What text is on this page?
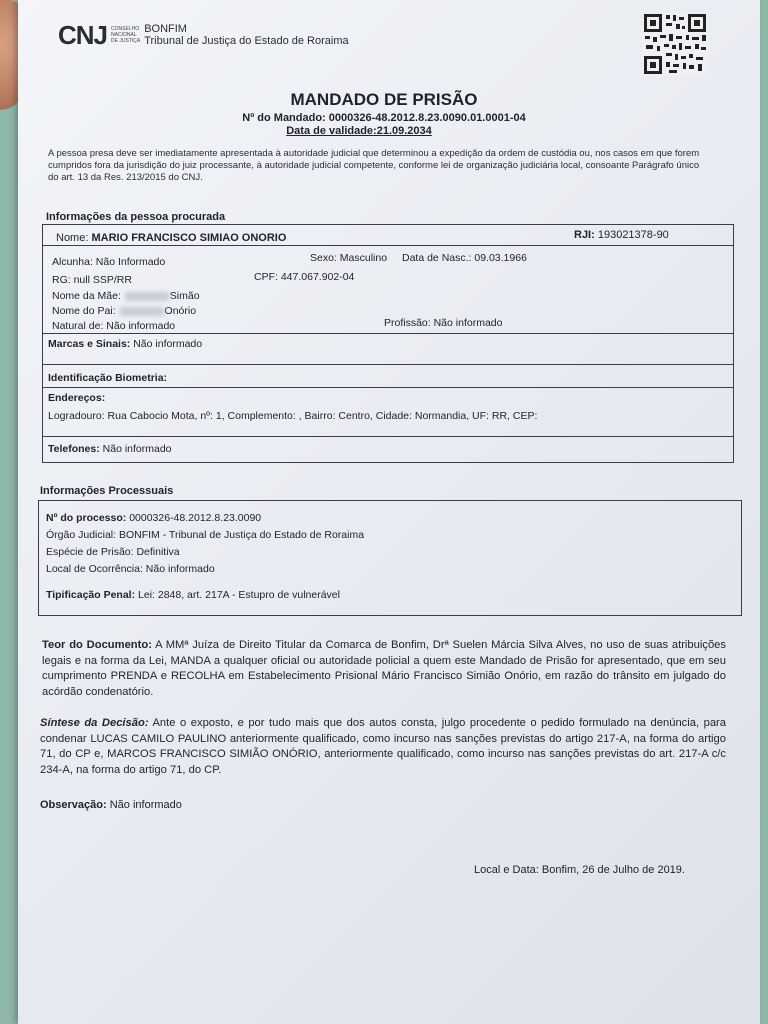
CNJ CONSELHO
NACIONAL
DE JUSTIÇA
BONFIM
Tribunal de Justiça do Estado de Roraima
MANDADO DE PRISÃO
Nº do Mandado: 0000326-48.2012.8.23.0090.01.0001-04
Data de validade:21.09.2034
A pessoa presa deve ser imediatamente apresentada à autoridade judicial que determinou a expedição da ordem de custódia ou, nos casos em que forem cumpridos fora da jurisdição do juiz processante, à autoridade judicial competente, conforme lei de organização judiciária local, consoante Parágrafo único do art. 13 da Res. 213/2015 do CNJ.
Informações da pessoa procurada
Nome: MARIO FRANCISCO SIMIAO ONORIO	RJI: 193021378-90
Alcunha: Não Informado	Sexo: Masculino Data de Nasc.: 09.03.1966
RG: null SSP/RR	CPF: 447.067.902-04
Nome da Mãe:	Simão
Nome do Pai:	Onório
Natural de: Não informado	Profissão: Não informado
Marcas e Sinais: Não informado
Identificação Biometria:
Endereços:
Logradouro: Rua Cabocio Mota, nº: 1, Complemento: , Bairro: Centro, Cidade: Normandia, UF: RR, CEP:
Telefones: Não informado
Informações Processuais
Nº do processo: 0000326-48.2012.8.23.0090
Órgão Judicial: BONFIM - Tribunal de Justiça do Estado de Roraima
Espécie de Prisão: Definitiva
Local de Ocorrência: Não informado
Tipificação Penal: Lei: 2848, art. 217A - Estupro de vulnerável
Teor do Documento: A MMª Juíza de Direito Titular da Comarca de Bonfim, Drª Suelen Márcia Silva Alves, no uso de suas atribuições legais e na forma da Lei, MANDA a qualquer oficial ou autoridade policial a quem este Mandado de Prisão for apresentado, que em seu cumprimento PRENDA e RECOLHA em Estabelecimento Prisional Mário Francisco Simião Onório, em razão do trânsito em julgado do acórdão condenatório.
Síntese da Decisão: Ante o exposto, e por tudo mais que dos autos consta, julgo procedente o pedido formulado na denúncia, para condenar LUCAS CAMILO PAULINO anteriormente qualificado, como incurso nas sanções previstas do artigo 217-A, na forma do artigo 71, do CP e, MARCOS FRANCISCO SIMIÃO ONÓRIO, anteriormente qualificado, como incurso nas sanções previstas do art. 217-A c/c 234-A, na forma do artigo 71, do CP.
Observação: Não informado
Local e Data: Bonfim, 26 de Julho de 2019.
